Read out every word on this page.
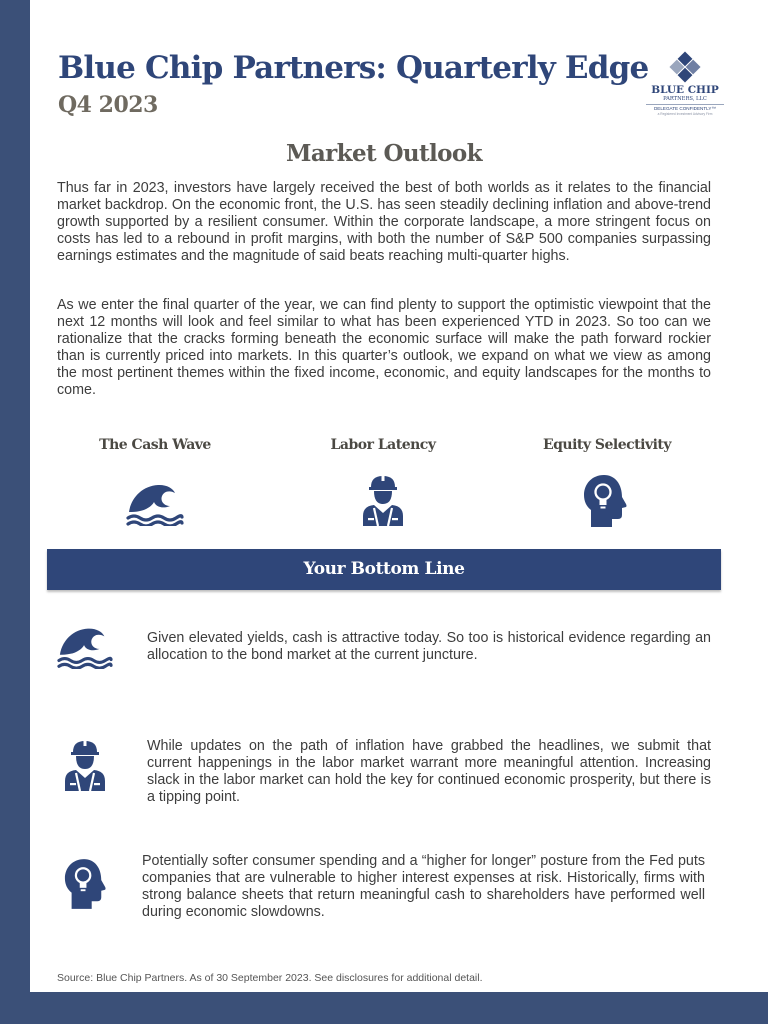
Blue Chip Partners: Quarterly Edge
Q4 2023
BLUE CHIP
PARTNERS, LLC
DELEGATE CONFIDENTLY™
a Registered Investment Advisory Firm
Market Outlook

Thus far in 2023, investors have largely received the best of both worlds as it relates to the financial market backdrop. On the economic front, the U.S. has seen steadily declining inflation and above-trend growth supported by a resilient consumer. Within the corporate landscape, a more stringent focus on costs has led to a rebound in profit margins, with both the number of S&P 500 companies surpassing earnings estimates and the magnitude of said beats reaching multi-quarter highs.

As we enter the final quarter of the year, we can find plenty to support the optimistic viewpoint that the next 12 months will look and feel similar to what has been experienced YTD in 2023. So too can we rationalize that the cracks forming beneath the economic surface will make the path forward rockier than is currently priced into markets. In this quarter’s outlook, we expand on what we view as among the most pertinent themes within the fixed income, economic, and equity landscapes for the months to come.

The Cash Wave	Labor Latency	Equity Selectivity
Your Bottom Line

Given elevated yields, cash is attractive today. So too is historical evidence regarding an allocation to the bond market at the current juncture.

While updates on the path of inflation have grabbed the headlines, we submit that current happenings in the labor market warrant more meaningful attention. Increasing slack in the labor market can hold the key for continued economic prosperity, but there is a tipping point.

Potentially softer consumer spending and a “higher for longer” posture from the Fed puts companies that are vulnerable to higher interest expenses at risk. Historically, firms with strong balance sheets that return meaningful cash to shareholders have performed well during economic slowdowns.

Source: Blue Chip Partners. As of 30 September 2023. See disclosures for additional detail.
